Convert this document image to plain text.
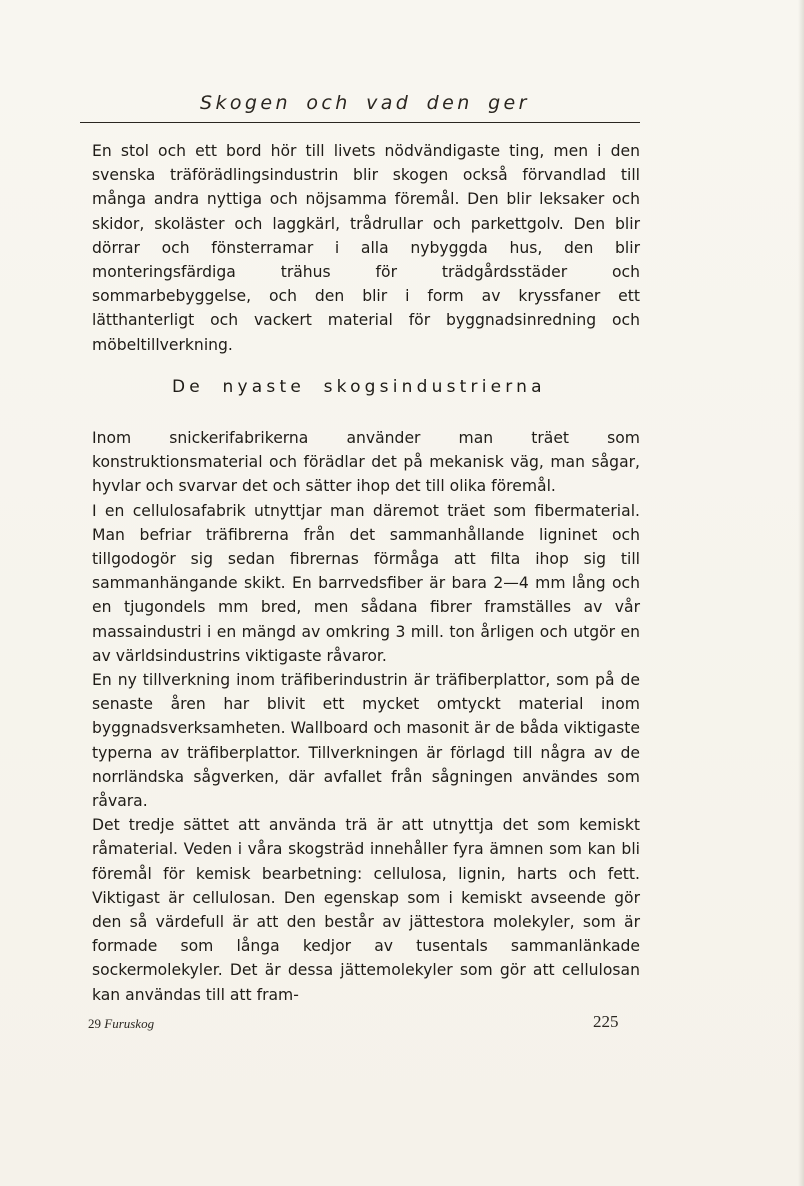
Skogen och vad den ger

En stol och ett bord hör till livets nödvändigaste ting, men i den svenska träförädlingsindustrin blir skogen också förvandlad till många andra nyttiga och nöjsamma föremål. Den blir leksaker och skidor, skoläster och laggkärl, trådrullar och parkettgolv. Den blir dörrar och fönsterramar i alla nybyggda hus, den blir monteringsfärdiga trähus för trädgårdsstäder och sommarbebyggelse, och den blir i form av kryssfaner ett lätthanterligt och vackert material för byggnadsinredning och möbeltillverkning.

De nyaste skogsindustrierna

Inom snickerifabrikerna använder man träet som konstruktionsmaterial och förädlar det på mekanisk väg, man sågar, hyvlar och svarvar det och sätter ihop det till olika föremål.

I en cellulosafabrik utnyttjar man däremot träet som fibermaterial. Man befriar träfibrerna från det sammanhållande ligninet och tillgodogör sig sedan fibrernas förmåga att filta ihop sig till sammanhängande skikt. En barrvedsfiber är bara 2—4 mm lång och en tjugondels mm bred, men sådana fibrer framställes av vår massaindustri i en mängd av omkring 3 mill. ton årligen och utgör en av världsindustrins viktigaste råvaror.

En ny tillverkning inom träfiberindustrin är träfiberplattor, som på de senaste åren har blivit ett mycket omtyckt material inom byggnadsverksamheten. Wallboard och masonit är de båda viktigaste typerna av träfiberplattor. Tillverkningen är förlagd till några av de norrländska sågverken, där avfallet från sågningen användes som råvara.

Det tredje sättet att använda trä är att utnyttja det som kemiskt råmaterial. Veden i våra skogsträd innehåller fyra ämnen som kan bli föremål för kemisk bearbetning: cellulosa, lignin, harts och fett. Viktigast är cellulosan. Den egenskap som i kemiskt avseende gör den så värdefull är att den består av jättestora molekyler, som är formade som långa kedjor av tusentals sammanlänkade sockermolekyler. Det är dessa jättemolekyler som gör att cellulosan kan användas till att fram-

29 Furuskog	225
